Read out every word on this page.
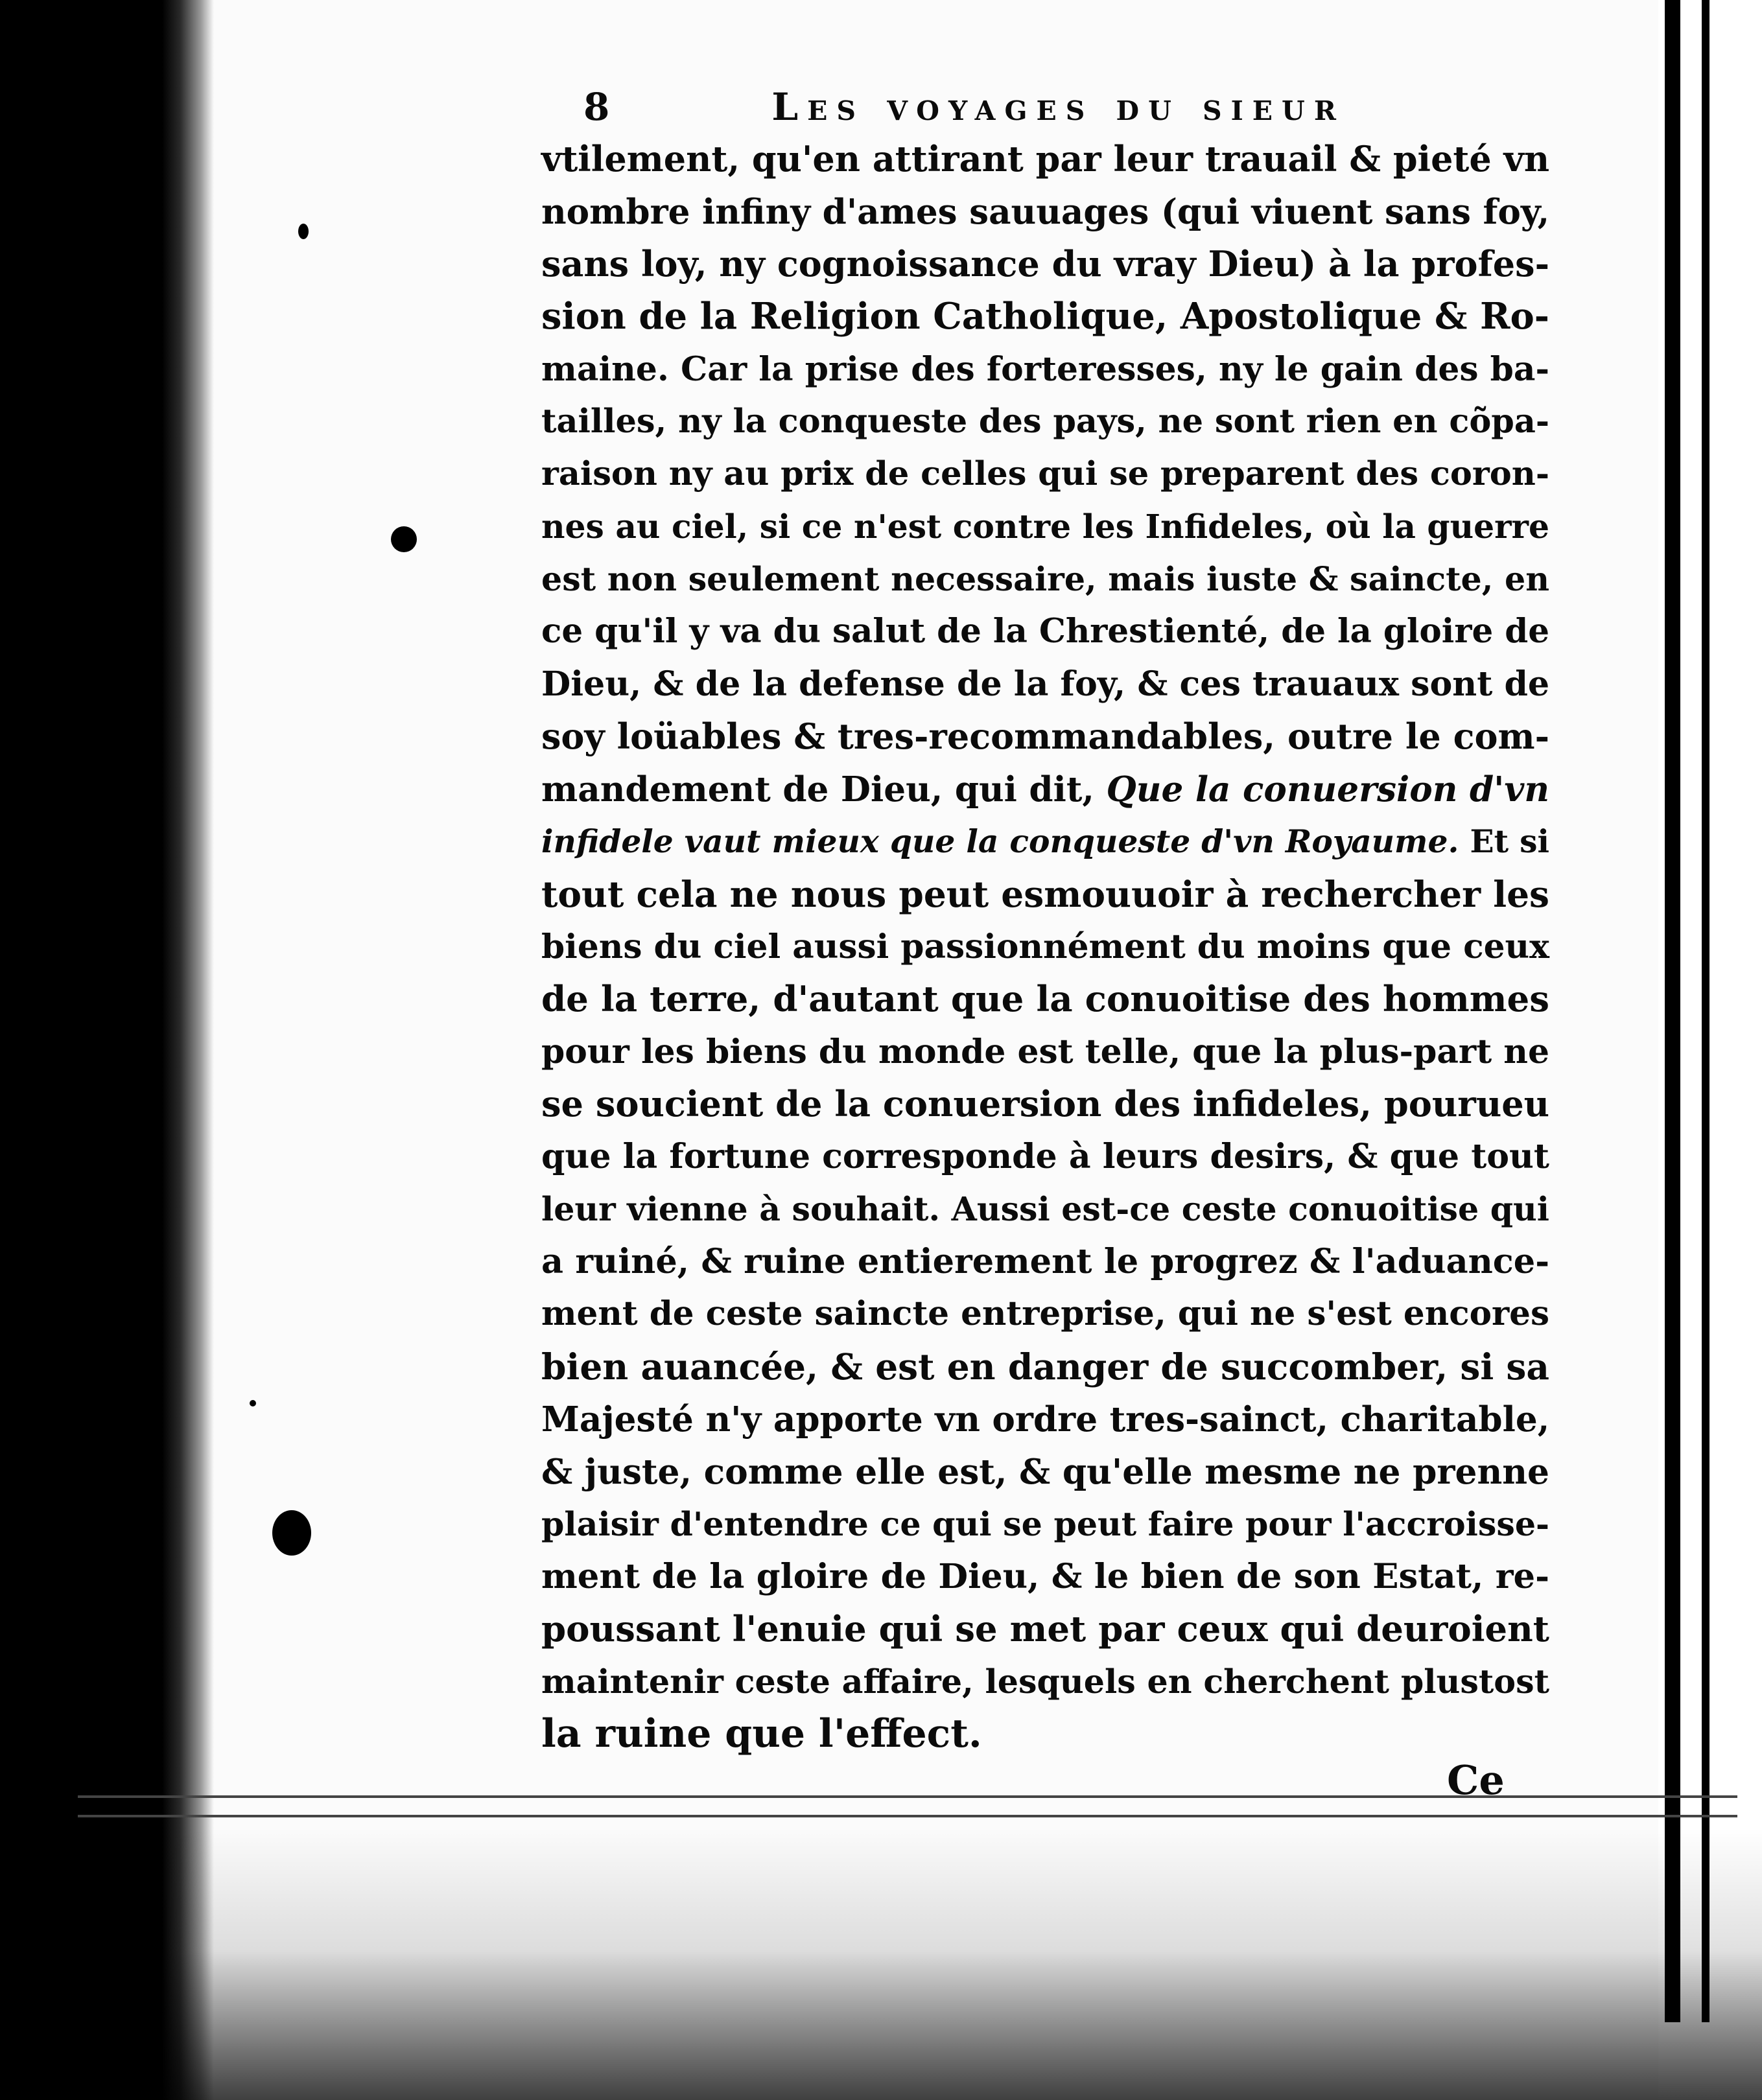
8	Les voyages du sieur
vtilement, qu'en attirant par leur trauail & pieté vn
nombre infiny d'ames sauuages (qui viuent sans foy,
sans loy, ny cognoissance du vray Dieu) à la profes-
sion de la Religion Catholique, Apostolique & Ro-
maine. Car la prise des forteresses, ny le gain des ba-
tailles, ny la conqueste des pays, ne sont rien en cõpa-
raison ny au prix de celles qui se preparent des coron-
nes au ciel, si ce n'est contre les Infideles, où la guerre
est non seulement necessaire, mais iuste & saincte, en
ce qu'il y va du salut de la Chrestienté, de la gloire de
Dieu, & de la defense de la foy, & ces trauaux sont de
soy loüables & tres-recommandables, outre le com-
mandement de Dieu, qui dit, Que la conuersion d'vn
infidele vaut mieux que la conqueste d'vn Royaume. Et si
tout cela ne nous peut esmouuoir à rechercher les
biens du ciel aussi passionnément du moins que ceux
de la terre, d'autant que la conuoitise des hommes
pour les biens du monde est telle, que la plus-part ne
se soucient de la conuersion des infideles, pourueu
que la fortune corresponde à leurs desirs, & que tout
leur vienne à souhait. Aussi est-ce ceste conuoitise qui
a ruiné, & ruine entierement le progrez & l'aduance-
ment de ceste saincte entreprise, qui ne s'est encores
bien auancée, & est en danger de succomber, si sa
Majesté n'y apporte vn ordre tres-sainct, charitable,
& juste, comme elle est, & qu'elle mesme ne prenne
plaisir d'entendre ce qui se peut faire pour l'accroisse-
ment de la gloire de Dieu, & le bien de son Estat, re-
poussant l'enuie qui se met par ceux qui deuroient
maintenir ceste affaire, lesquels en cherchent plustost
la ruine que l'effect.
Ce
